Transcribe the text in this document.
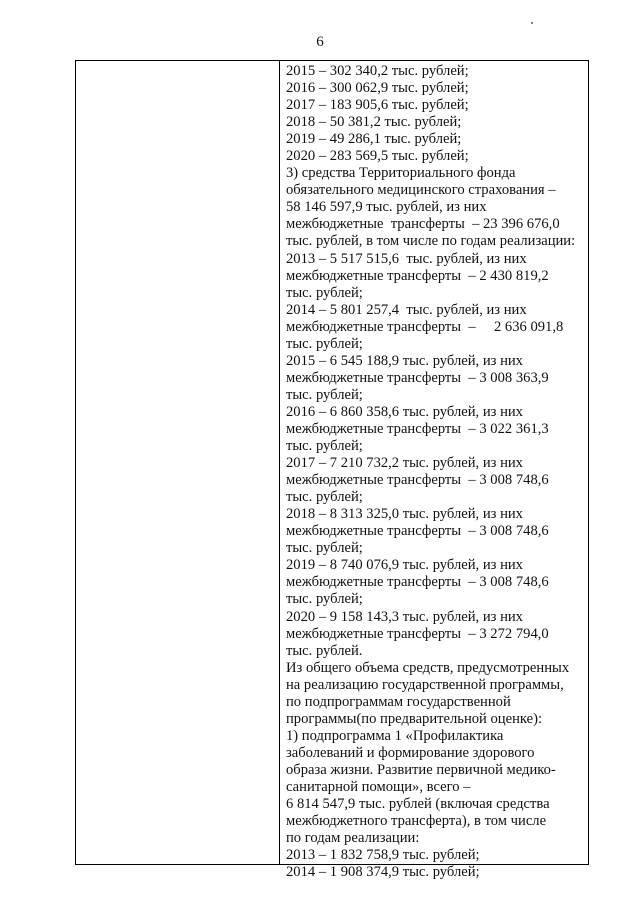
6
2015 – 302 340,2 тыс. рублей;
2016 – 300 062,9 тыс. рублей;
2017 – 183 905,6 тыс. рублей;
2018 – 50 381,2 тыс. рублей;
2019 – 49 286,1 тыс. рублей;
2020 – 283 569,5 тыс. рублей;
3) средства Территориального фонда
обязательного медицинского страхования –
58 146 597,9 тыс. рублей, из них
межбюджетные  трансферты  – 23 396 676,0
тыс. рублей, в том числе по годам реализации:
2013 – 5 517 515,6  тыс. рублей, из них
межбюджетные трансферты  – 2 430 819,2
тыс. рублей;
2014 – 5 801 257,4  тыс. рублей, из них
межбюджетные трансферты  –     2 636 091,8
тыс. рублей;
2015 – 6 545 188,9 тыс. рублей, из них
межбюджетные трансферты  – 3 008 363,9
тыс. рублей;
2016 – 6 860 358,6 тыс. рублей, из них
межбюджетные трансферты  – 3 022 361,3
тыс. рублей;
2017 – 7 210 732,2 тыс. рублей, из них
межбюджетные трансферты  – 3 008 748,6
тыс. рублей;
2018 – 8 313 325,0 тыс. рублей, из них
межбюджетные трансферты  – 3 008 748,6
тыс. рублей;
2019 – 8 740 076,9 тыс. рублей, из них
межбюджетные трансферты  – 3 008 748,6
тыс. рублей;
2020 – 9 158 143,3 тыс. рублей, из них
межбюджетные трансферты  – 3 272 794,0
тыс. рублей.
Из общего объема средств, предусмотренных
на реализацию государственной программы,
по подпрограммам государственной
программы(по предварительной оценке):
1) подпрограмма 1 «Профилактика
заболеваний и формирование здорового
образа жизни. Развитие первичной медико-
санитарной помощи», всего –
6 814 547,9 тыс. рублей (включая средства
межбюджетного трансферта), в том числе
по годам реализации:
2013 – 1 832 758,9 тыс. рублей;
2014 – 1 908 374,9 тыс. рублей;
